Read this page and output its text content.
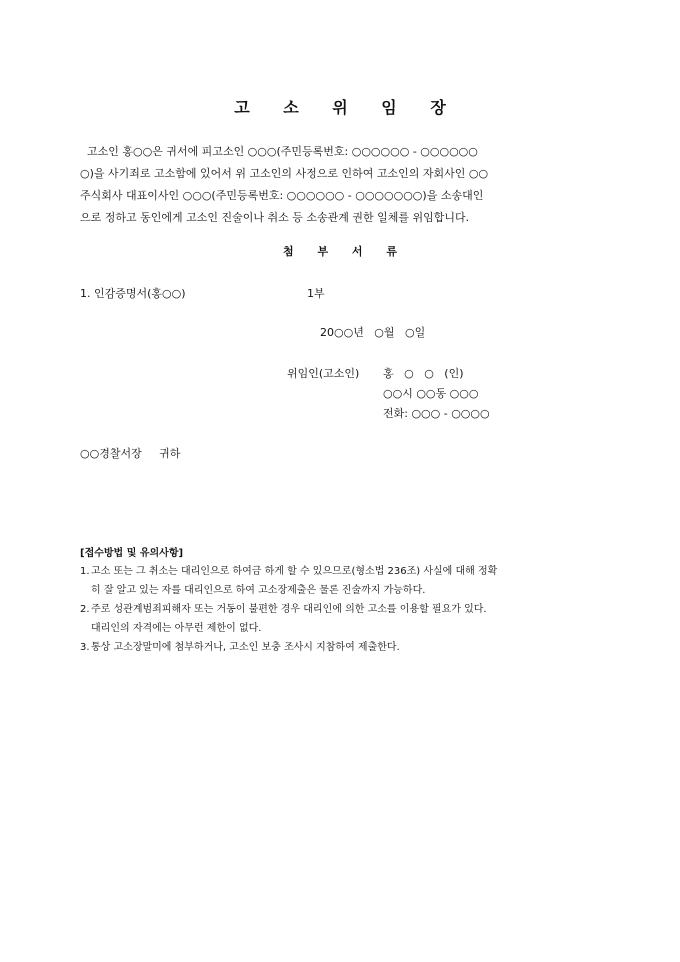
고 소 위 임 장

고소인 홍○○은 귀서에 피고소인 ○○○(주민등록번호: ○○○○○○ - ○○○○○○
○)을 사기죄로 고소함에 있어서 위 고소인의 사정으로 인하여 고소인의 자회사인 ○○
주식회사 대표이사인 ○○○(주민등록번호: ○○○○○○ - ○○○○○○○)을 소송대인
으로 정하고 동인에게 고소인 진술이나 취소 등 소송관계 권한 일체를 위임합니다.

첨 부 서 류
1. 인감증명서(홍○○)	1부
20○○년   ○월   ○일
위임인(고소인) 홍   ○   ○   (인)
○○시 ○○동 ○○○
전화: ○○○ - ○○○○
○○경찰서장     귀하
[접수방법 및 유의사항]
1. 고소 또는 그 취소는 대리인으로 하여금 하게 할 수 있으므로(형소법 236조) 사실에 대해 정확
히 잘 알고 있는 자를 대리인으로 하여 고소장제출은 물론 진술까지 가능하다.
2. 주로 성관계범죄피해자 또는 거동이 불편한 경우 대리인에 의한 고소를 이용할 필요가 있다.
대리인의 자격에는 아무런 제한이 없다.
3. 통상 고소장말미에 첨부하거나, 고소인 보충 조사시 지참하여 제출한다.
